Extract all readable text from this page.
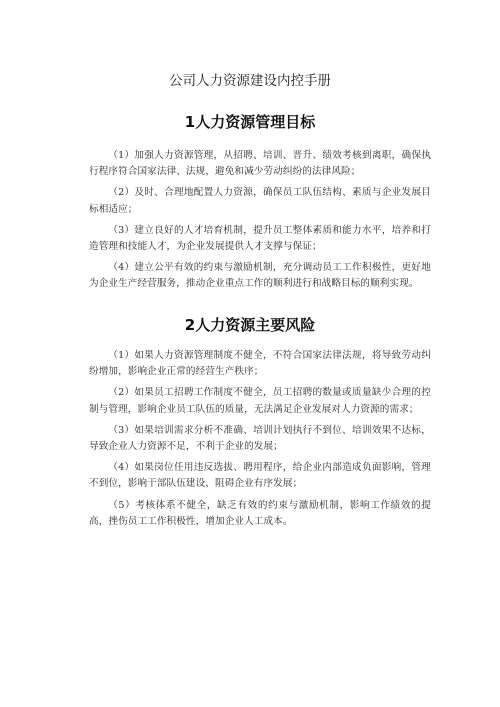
公司人力资源建设内控手册
1人力资源管理目标

（1）加强人力资源管理，从招聘、培训、晋升、绩效考核到离职，确保执行程序符合国家法律、法规，避免和减少劳动纠纷的法律风险；

（2）及时、合理地配置人力资源，确保员工队伍结构、素质与企业发展目标相适应；

（3）建立良好的人才培育机制，提升员工整体素质和能力水平，培养和打造管理和技能人才，为企业发展提供人才支撑与保证；

（4）建立公平有效的约束与激励机制，充分调动员工工作积极性，更好地为企业生产经营服务，推动企业重点工作的顺利进行和战略目标的顺利实现。

2人力资源主要风险

（1）如果人力资源管理制度不健全，不符合国家法律法规，将导致劳动纠纷增加，影响企业正常的经营生产秩序；

（2）如果员工招聘工作制度不健全，员工招聘的数量或质量缺少合理的控制与管理，影响企业员工队伍的质量，无法满足企业发展对人力资源的需求；

（3）如果培训需求分析不准确、培训计划执行不到位、培训效果不达标，导致企业人力资源不足，不利于企业的发展；

（4）如果岗位任用违反选拔、聘用程序，给企业内部造成负面影响，管理不到位，影响干部队伍建设，阻碍企业有序发展；

（5）考核体系不健全，缺乏有效的约束与激励机制，影响工作绩效的提高，挫伤员工工作积极性，增加企业人工成本。
